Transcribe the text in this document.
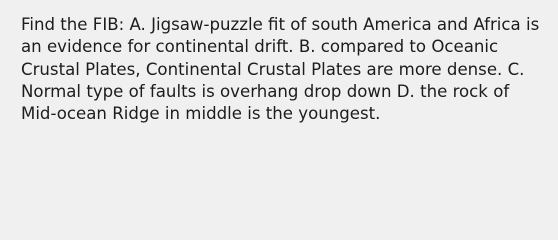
Find the FIB: A. Jigsaw-puzzle fit of south America and Africa is an evidence for continental drift. B. compared to Oceanic Crustal Plates, Continental Crustal Plates are more dense. C. Normal type of faults is overhang drop down D. the rock of Mid-ocean Ridge in middle is the youngest.
